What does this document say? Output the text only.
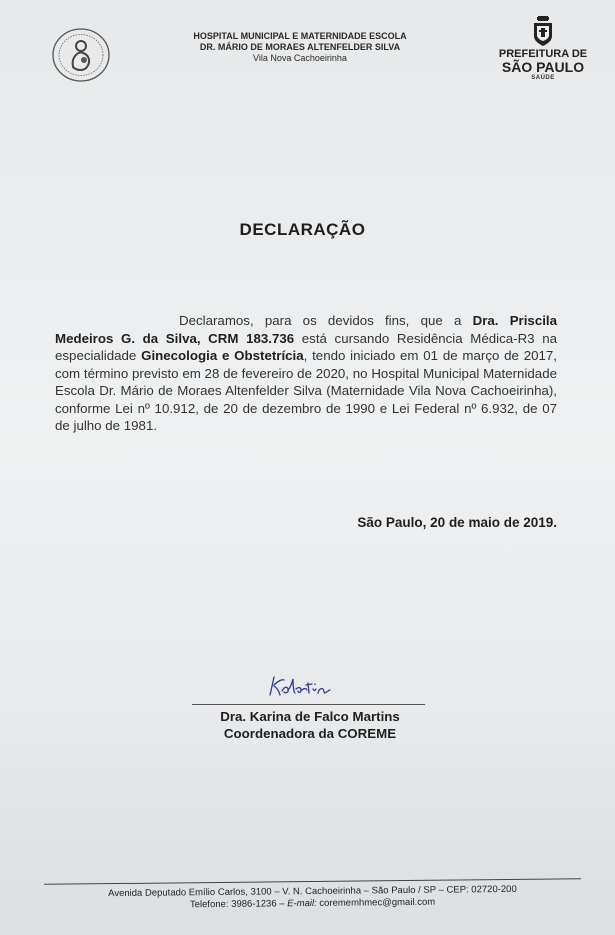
HOSPITAL MUNICIPAL E MATERNIDADE ESCOLA
DR. MÁRIO DE MORAES ALTENFELDER SILVA
Vila Nova Cachoeirinha	PREFEITURA DE
SÃO PAULO
SAÚDE
DECLARAÇÃO

Declaramos, para os devidos fins, que a Dra. Priscila Medeiros G. da Silva, CRM 183.736 está cursando Residência Médica-R3 na especialidade Ginecologia e Obstetrícia, tendo iniciado em 01 de março de 2017, com término previsto em 28 de fevereiro de 2020, no Hospital Municipal Maternidade Escola Dr. Mário de Moraes Altenfelder Silva (Maternidade Vila Nova Cachoeirinha), conforme Lei nº 10.912, de 20 de dezembro de 1990 e Lei Federal nº 6.932, de 07 de julho de 1981.

São Paulo, 20 de maio de 2019.
Dra. Karina de Falco Martins
Coordenadora da COREME
Avenida Deputado Emílio Carlos, 3100 – V. N. Cachoeirinha – São Paulo / SP – CEP: 02720-200
Telefone: 3986-1236 – E-mail: corememhmec@gmail.com
